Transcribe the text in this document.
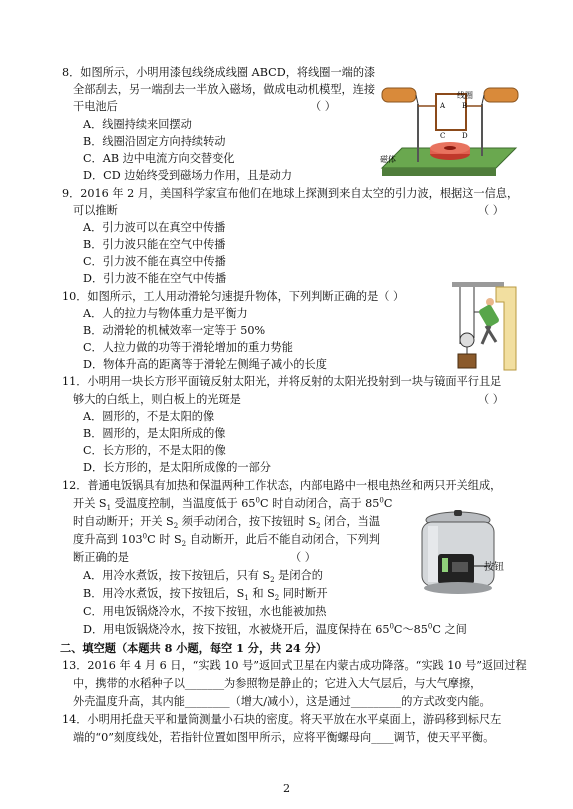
8．如图所示，小明用漆包线绕成线圈 ABCD，将线圈一端的漆
全部刮去，另一端刮去一半放入磁场，做成电动机模型，连接
干电池后	（ ）
A．线圈持续来回摆动
B．线圈沿固定方向持续转动
C．AB 边中电流方向交替变化
D．CD 边始终受到磁场力作用，且是动力
线圈
A B
C D
磁体
9．2016 年 2 月，美国科学家宣布他们在地球上探测到来自太空的引力波，根据这一信息，
可以推断	（ ）
A．引力波可以在真空中传播
B．引力波只能在空气中传播
C．引力波不能在真空中传播
D．引力波不能在空气中传播
10．如图所示，工人用动滑轮匀速提升物体，下列判断正确的是（ ）
A．人的拉力与物体重力是平衡力
B．动滑轮的机械效率一定等于 50%
C．人拉力做的功等于滑轮增加的重力势能
D．物体升高的距离等于滑轮左侧绳子减小的长度
11．小明用一块长方形平面镜反射太阳光，并将反射的太阳光投射到一块与镜面平行且足
够大的白纸上，则白板上的光斑是	（ ）
A．圆形的，不是太阳的像
B．圆形的，是太阳所成的像
C．长方形的，不是太阳的像
D．长方形的，是太阳所成像的一部分
12．普通电饭锅具有加热和保温两种工作状态，内部电路中一根电热丝和两只开关组成，
开关 $S_1$ 受温度控制，当温度低于 $65^0C$ 时自动闭合，高于 $85^0C$
时自动断开；开关 $S_2$ 须手动闭合，按下按钮时 $S_2$ 闭合，当温
度升高到 $103^0C$ 时 $S_2$ 自动断开，此后不能自动闭合，下列判
断正确的是	（ ）
A．用冷水煮饭，按下按钮后，只有 $S_2$ 是闭合的
B．用冷水煮饭，按下按钮后，$S_1$ 和 $S_2$ 同时断开
C．用电饭锅烧冷水，不按下按钮，水也能被加热
D．用电饭锅烧冷水，按下按钮，水被烧开后，温度保持在 $65^0C\sim 85^0C$ 之间
按钮
二、填空题（本题共 8 小题，每空 1 分，共 24 分）
13．2016 年 4 月 6 日，“实践 10 号”返回式卫星在内蒙古成功降落。“实践 10 号”返回过程
中，携带的水稻种子以_______为参照物是静止的；它进入大气层后，与大气摩擦，
外壳温度升高，其内能________（增大/减小），这是通过_________的方式改变内能。
14．小明用托盘天平和量筒测量小石块的密度。将天平放在水平桌面上，游码移到标尺左
端的“0”刻度线处，若指针位置如图甲所示，应将平衡螺母向____调节，使天平平衡。
2
